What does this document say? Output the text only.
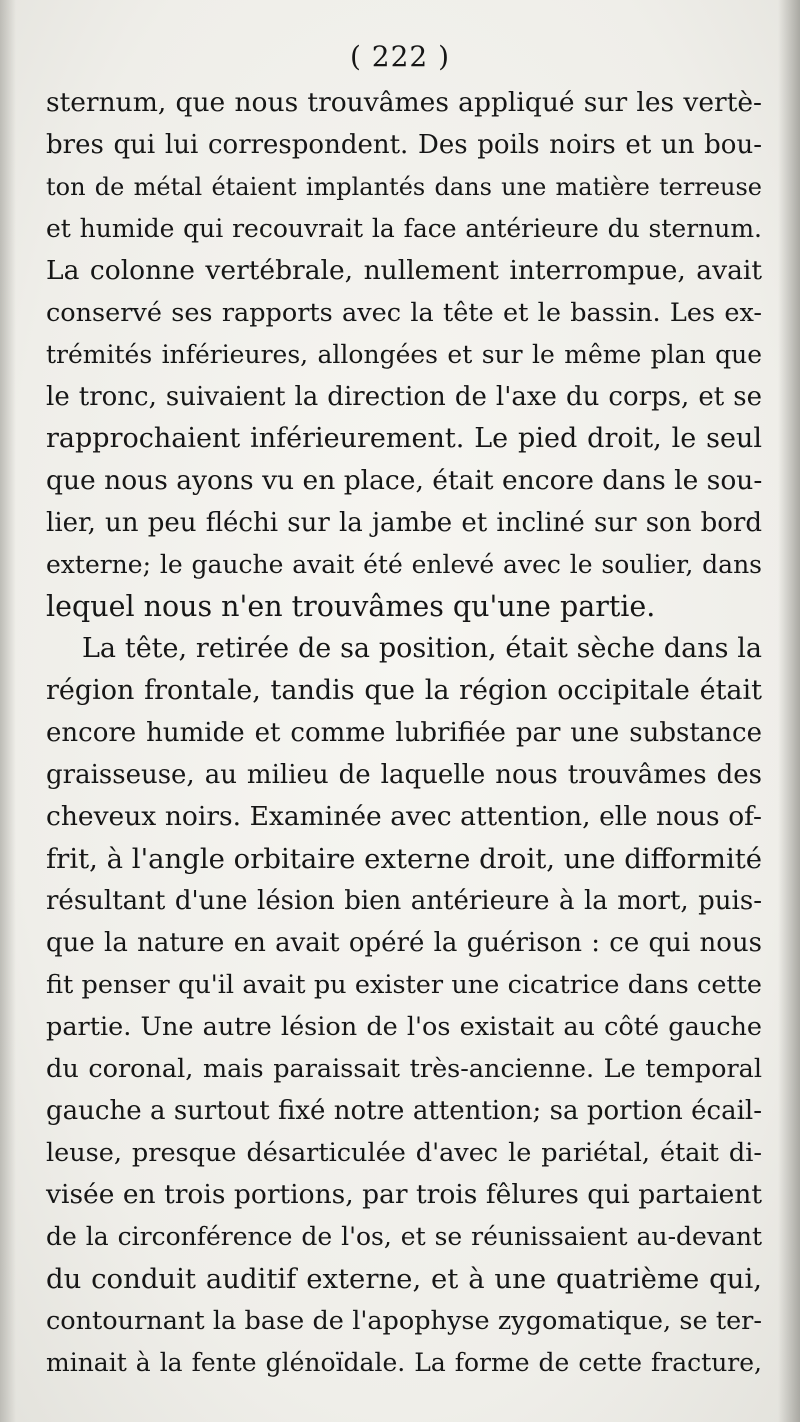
( 222 )
sternum, que nous trouvâmes appliqué sur les vertè-
bres qui lui correspondent. Des poils noirs et un bou-
ton de métal étaient implantés dans une matière terreuse
et humide qui recouvrait la face antérieure du sternum.
La colonne vertébrale, nullement interrompue, avait
conservé ses rapports avec la tête et le bassin. Les ex-
trémités inférieures, allongées et sur le même plan que
le tronc, suivaient la direction de l'axe du corps, et se
rapprochaient inférieurement. Le pied droit, le seul
que nous ayons vu en place, était encore dans le sou-
lier, un peu fléchi sur la jambe et incliné sur son bord
externe; le gauche avait été enlevé avec le soulier, dans
lequel nous n'en trouvâmes qu'une partie.
La tête, retirée de sa position, était sèche dans la
région frontale, tandis que la région occipitale était
encore humide et comme lubrifiée par une substance
graisseuse, au milieu de laquelle nous trouvâmes des
cheveux noirs. Examinée avec attention, elle nous of-
frit, à l'angle orbitaire externe droit, une difformité
résultant d'une lésion bien antérieure à la mort, puis-
que la nature en avait opéré la guérison : ce qui nous
fit penser qu'il avait pu exister une cicatrice dans cette
partie. Une autre lésion de l'os existait au côté gauche
du coronal, mais paraissait très-ancienne. Le temporal
gauche a surtout fixé notre attention; sa portion écail-
leuse, presque désarticulée d'avec le pariétal, était di-
visée en trois portions, par trois fêlures qui partaient
de la circonférence de l'os, et se réunissaient au-devant
du conduit auditif externe, et à une quatrième qui,
contournant la base de l'apophyse zygomatique, se ter-
minait à la fente glénoïdale. La forme de cette fracture,
